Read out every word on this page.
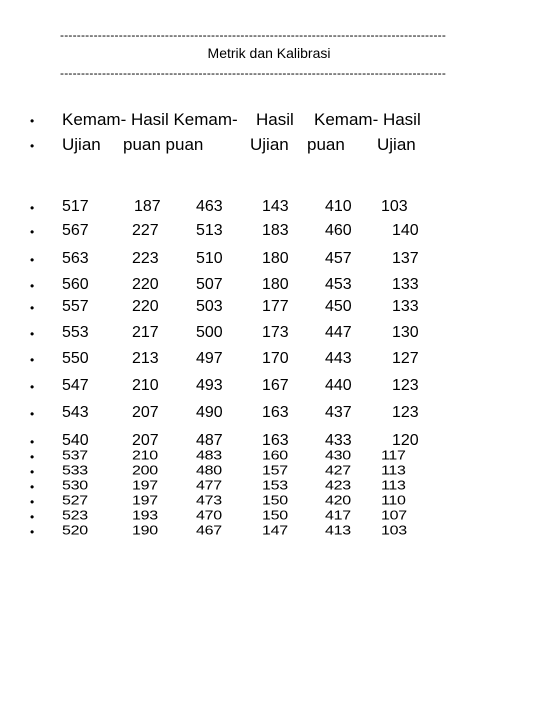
--------------------------------------------------------------------------------------------
Metrik dan Kalibrasi
--------------------------------------------------------------------------------------------
• Kemam- Hasil Kemam- Hasil Kemam- Hasil
• Ujian puan puan	Ujian puan Ujian
• 517	187 463 143 410 103
• 567	227 513 183 460	140
• 563	223 510 180 457	137
• 560	220 507 180 453	133
• 557	220 503 177 450	133
• 553	217 500 173 447	130
• 550	213 497 170 443	127
• 547	210 493 167 440	123
• 543	207 490 163 437	123
• 540	207 487 163 433	120
• 537	210 483	160 430 117
• 533	200 480	157 427 113
• 530	197 477	153 423 113
• 527	197 473	150 420 110
• 523	193 470	150 417 107
• 520	190 467	147 413 103
